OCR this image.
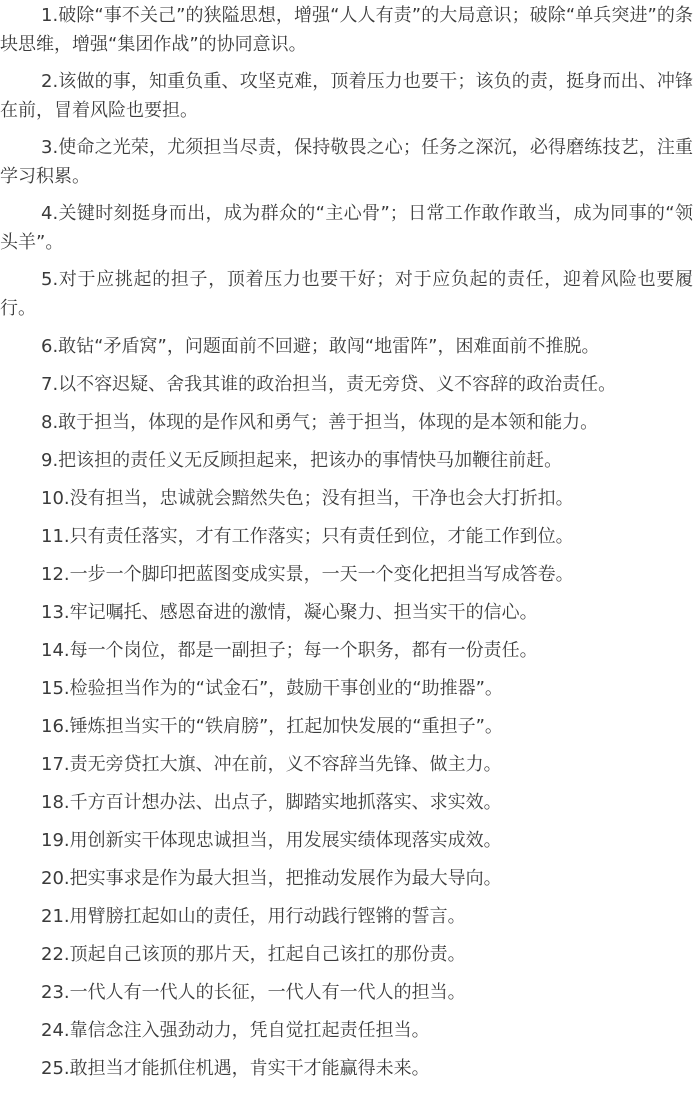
1.破除“事不关己”的狭隘思想，增强“人人有责”的大局意识；破除“单兵突进”的条块思维，增强“集团作战”的协同意识。

2.该做的事，知重负重、攻坚克难，顶着压力也要干；该负的责，挺身而出、冲锋在前，冒着风险也要担。

3.使命之光荣，尤须担当尽责，保持敬畏之心；任务之深沉，必得磨练技艺，注重学习积累。

4.关键时刻挺身而出，成为群众的“主心骨”；日常工作敢作敢当，成为同事的“领头羊”。

5.对于应挑起的担子，顶着压力也要干好；对于应负起的责任，迎着风险也要履行。

6.敢钻“矛盾窝”，问题面前不回避；敢闯“地雷阵”，困难面前不推脱。

7.以不容迟疑、舍我其谁的政治担当，责无旁贷、义不容辞的政治责任。

8.敢于担当，体现的是作风和勇气；善于担当，体现的是本领和能力。

9.把该担的责任义无反顾担起来，把该办的事情快马加鞭往前赶。

10.没有担当，忠诚就会黯然失色；没有担当，干净也会大打折扣。

11.只有责任落实，才有工作落实；只有责任到位，才能工作到位。

12.一步一个脚印把蓝图变成实景，一天一个变化把担当写成答卷。

13.牢记嘱托、感恩奋进的激情，凝心聚力、担当实干的信心。

14.每一个岗位，都是一副担子；每一个职务，都有一份责任。

15.检验担当作为的“试金石”，鼓励干事创业的“助推器”。

16.锤炼担当实干的“铁肩膀”，扛起加快发展的“重担子”。

17.责无旁贷扛大旗、冲在前，义不容辞当先锋、做主力。

18.千方百计想办法、出点子，脚踏实地抓落实、求实效。

19.用创新实干体现忠诚担当，用发展实绩体现落实成效。

20.把实事求是作为最大担当，把推动发展作为最大导向。

21.用臂膀扛起如山的责任，用行动践行铿锵的誓言。

22.顶起自己该顶的那片天，扛起自己该扛的那份责。

23.一代人有一代人的长征，一代人有一代人的担当。

24.靠信念注入强劲动力，凭自觉扛起责任担当。

25.敢担当才能抓住机遇，肯实干才能赢得未来。
